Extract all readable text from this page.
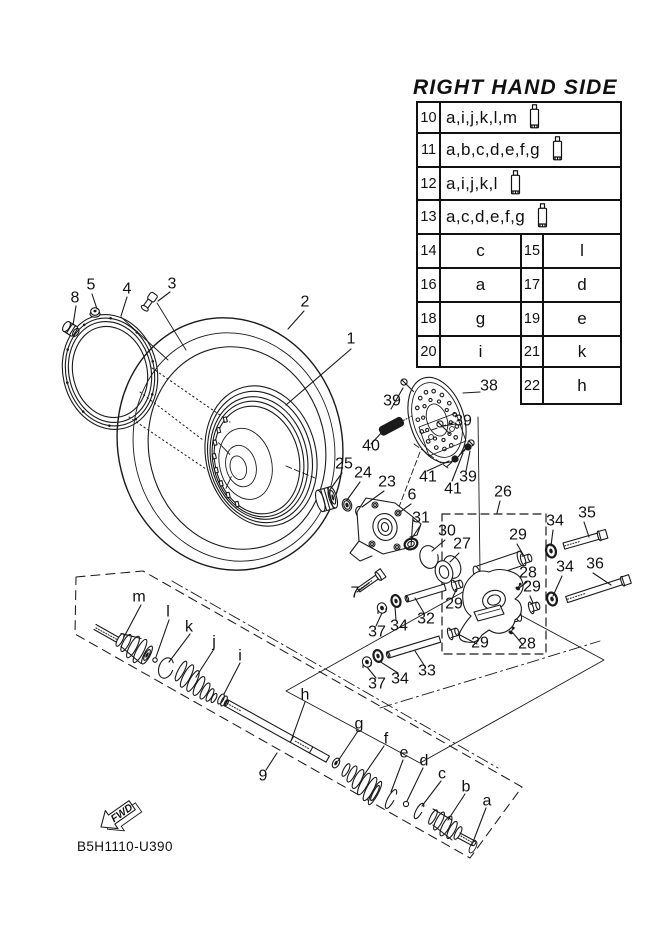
FWD
8
5 4 3
2
1
25
24
23
6
39
38
40
39
41 39
41 26
31
30
27
29
34 35
28
29
34 36
7
37 34 32
29
29 28
37 34 33
m
l
k
j
i
h
9
g
f
e d
c
b
a
RIGHT HAND SIDE
10 a,i,j,k,l,m
11 a,b,c,d,e,f,g
12 a,i,j,k,l
13 a,c,d,e,f,g
14	c	15	l
16	a	17	d
18	g	19	e
20	i	21	k
22	h
B5H1110-U390
